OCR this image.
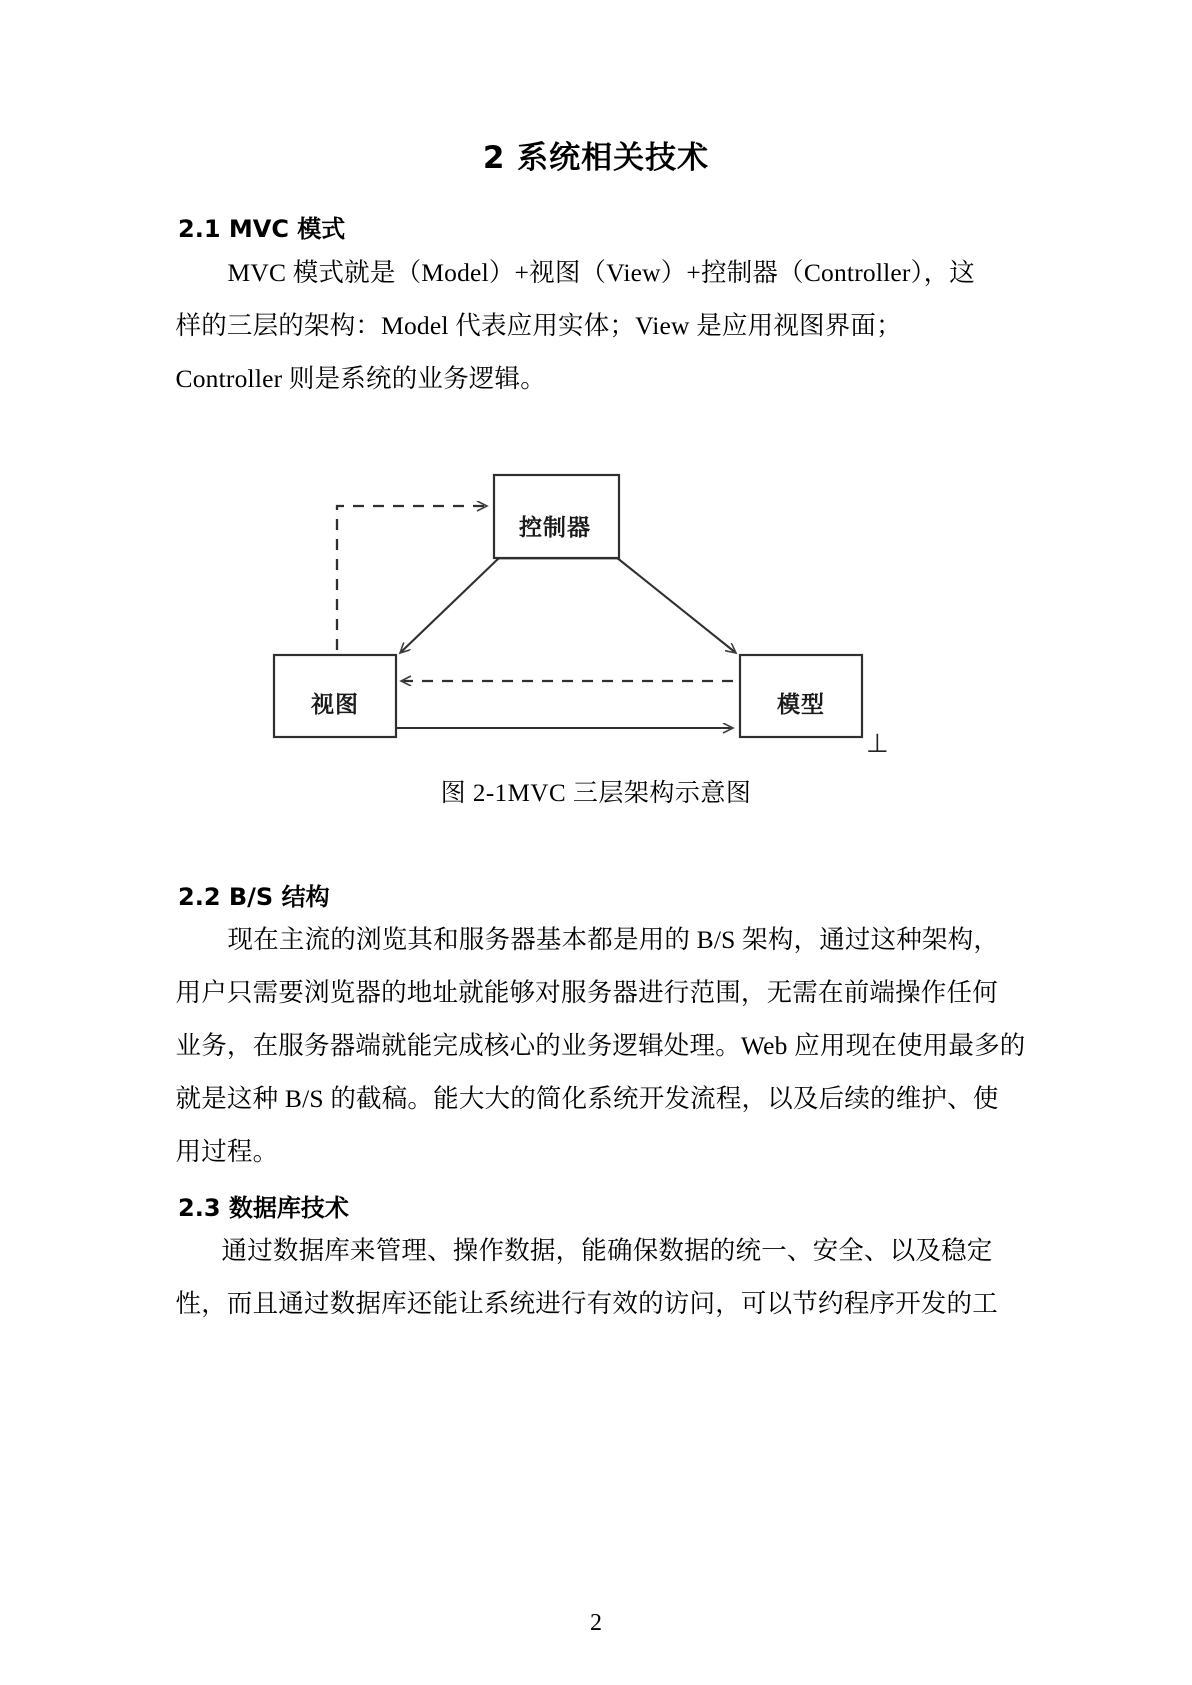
2 系统相关技术
2.1 MVC 模式
MVC 模式就是（Model）+视图（View）+控制器（Controller），这
样的三层的架构：Model 代表应用实体；View 是应用视图界面；
Controller 则是系统的业务逻辑。
控制器
视图	模型
⊥
图 2-1MVC 三层架构示意图
2.2 B/S 结构
现在主流的浏览其和服务器基本都是用的 B/S 架构，通过这种架构，
用户只需要浏览器的地址就能够对服务器进行范围，无需在前端操作任何
业务，在服务器端就能完成核心的业务逻辑处理。Web 应用现在使用最多的
就是这种 B/S 的截稿。能大大的简化系统开发流程，以及后续的维护、使
用过程。
2.3 数据库技术
通过数据库来管理、操作数据，能确保数据的统一、安全、以及稳定
性，而且通过数据库还能让系统进行有效的访问，可以节约程序开发的工
2
